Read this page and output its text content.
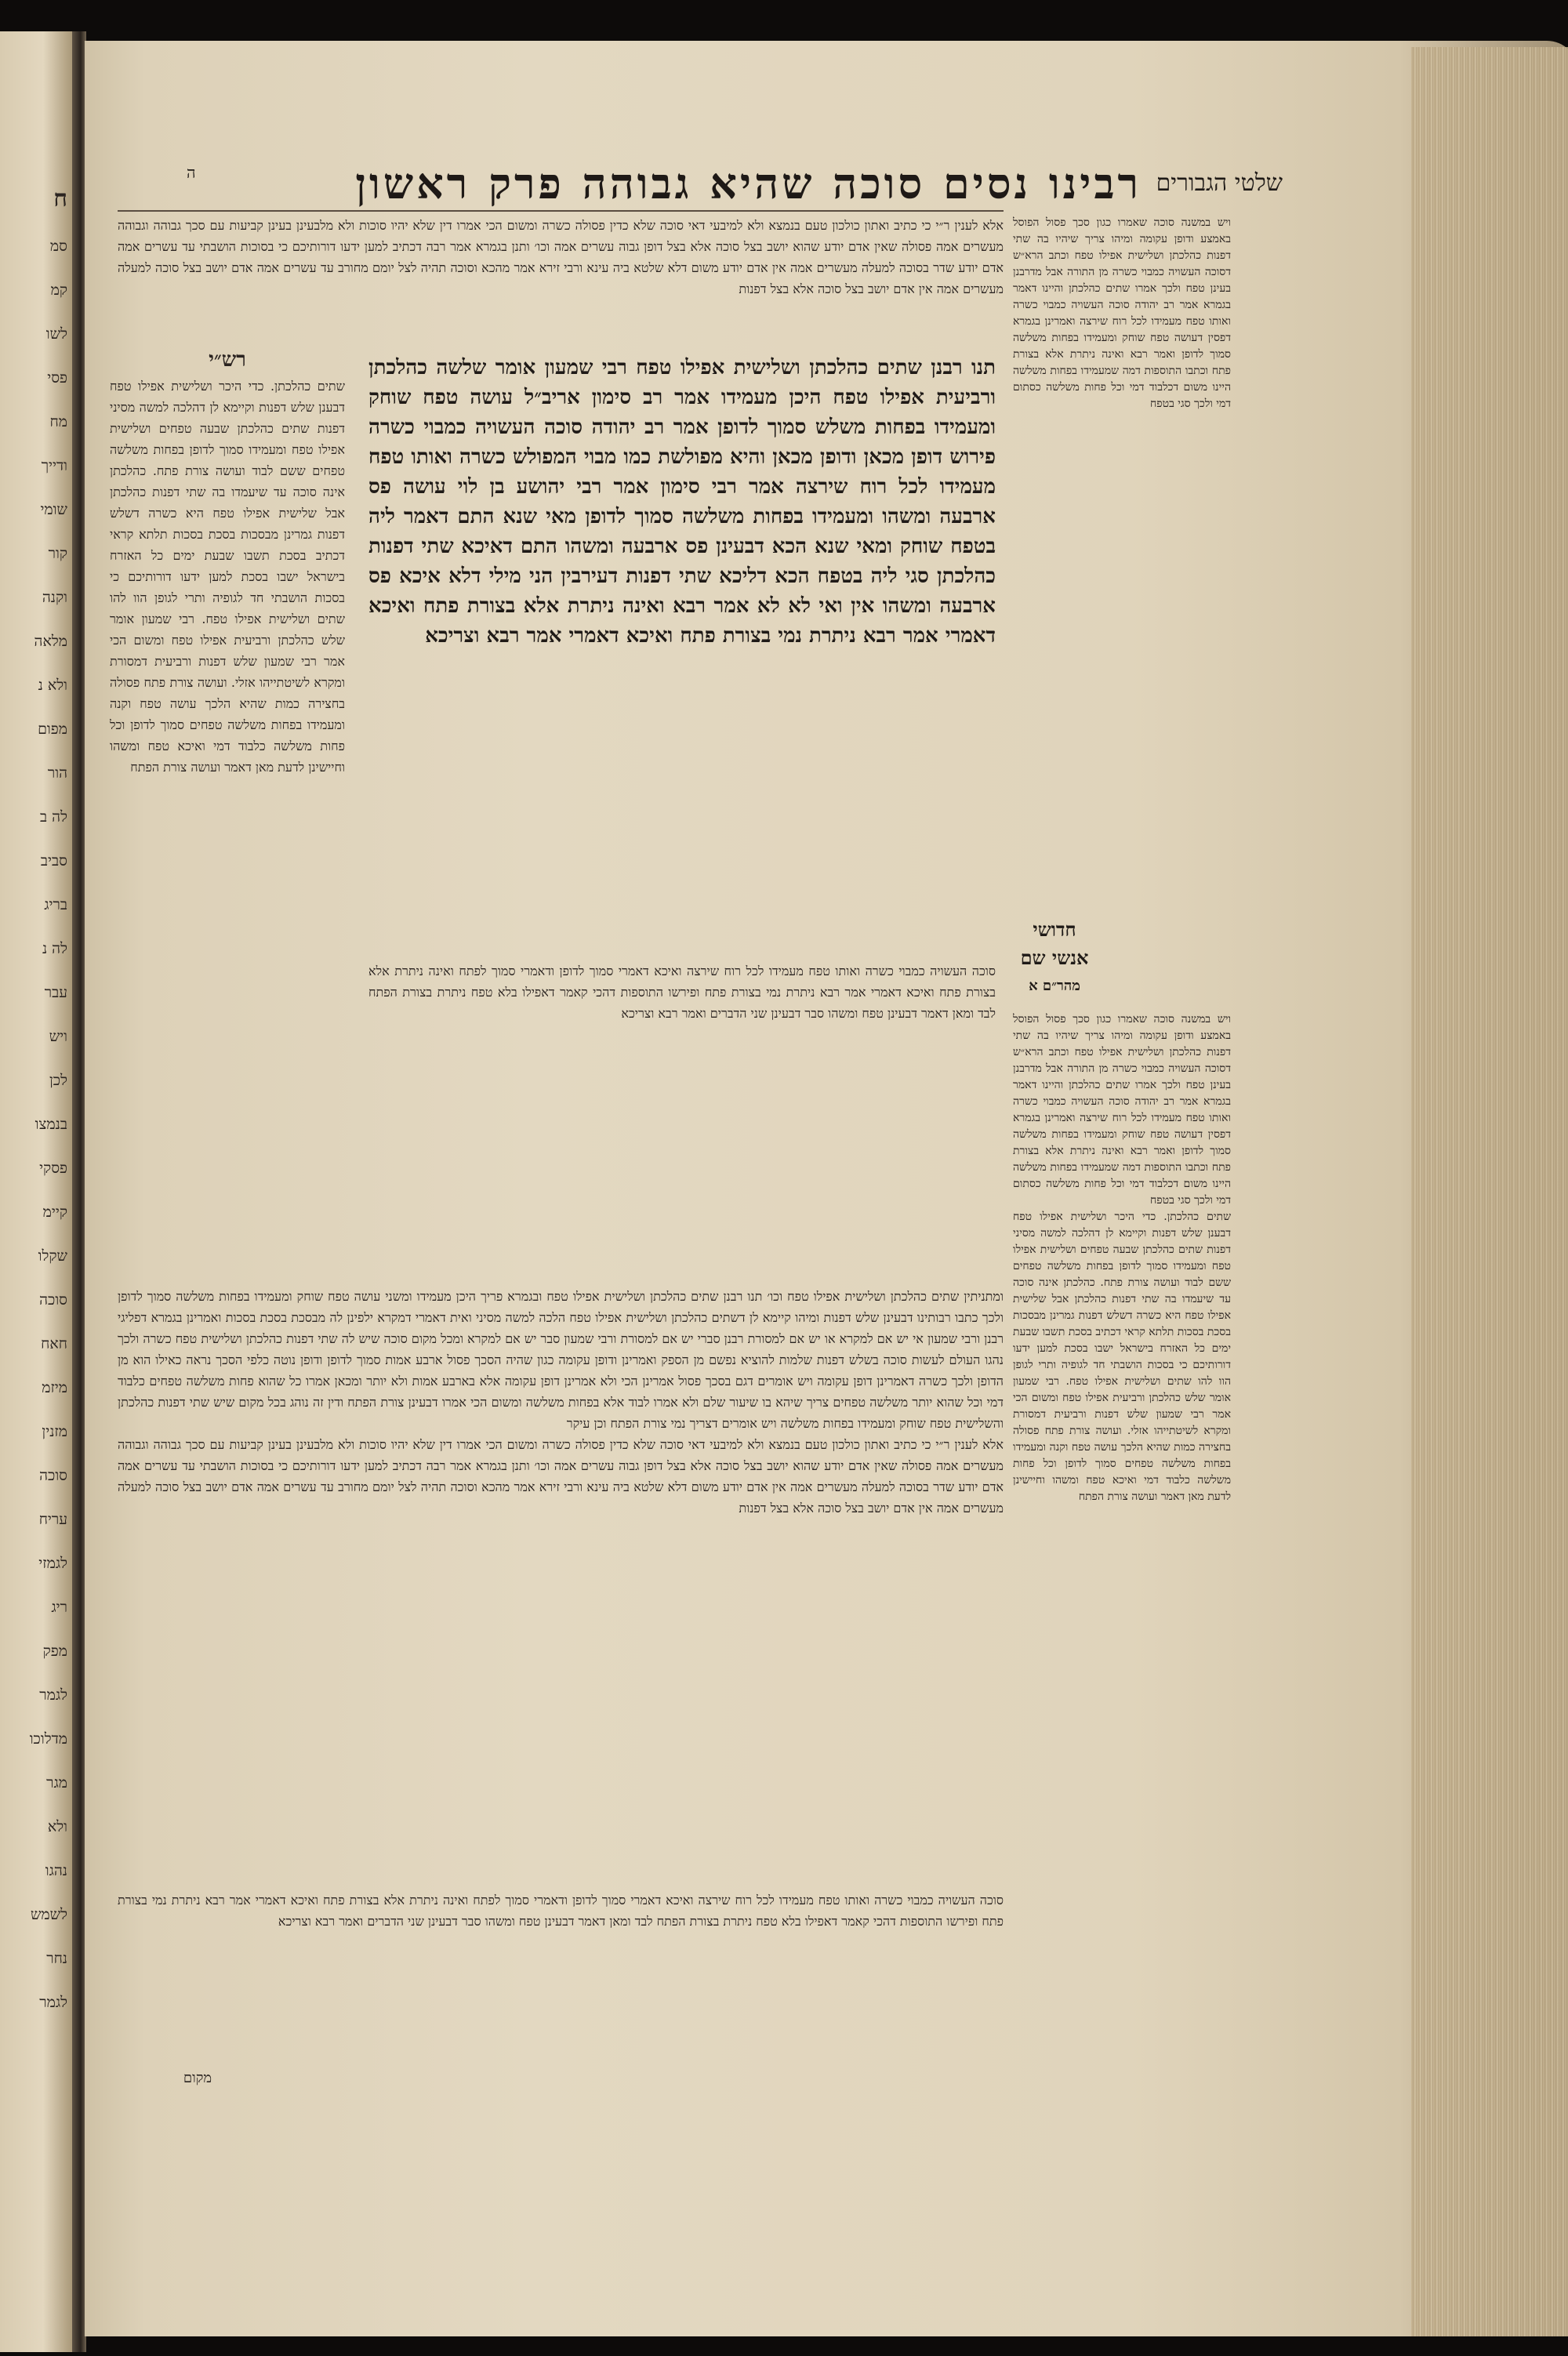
ח
סמ
קמ
לשו
פסי
מח
ודייך
שומי
קור
וקנה
מלאה
ולא נ
מפום
הור
לה ב
סביב
בריג
לה נ
עבר
ויש
לכן
בנמצו
פסקי
קיימ
שקלו
סוכה
חאח
מיזמ
מזנין
סוכה
עריח
לגמזי
ריג
מפק
לגמר
מדלוכו
מגר
ולא
נהגו
לשמש
נחר
לגמר
שלטי הגבורים
רבינו נסים סוכה שהיא גבוהה פרק ראשון
ה

אלא לענין ר״י כי כתיב ואתון כולכון טעם בנמצא ולא למיבעי דאי סוכה שלא כדין פסולה כשרה ומשום הכי אמרו דין שלא יהיו סוכות ולא מלבעינן בעינן קביעות עם סכך גבוהה וגבוהה מעשרים אמה פסולה שאין אדם יודע שהוא יושב בצל סוכה אלא בצל דופן גבוה עשרים אמה וכו׳ ותנן בגמרא אמר רבה דכתיב למען ידעו דורותיכם כי בסוכות הושבתי עד עשרים אמה אדם יודע שדר בסוכה למעלה מעשרים אמה אין אדם יודע משום דלא שלטא ביה עינא ורבי זירא אמר מהכא וסוכה תהיה לצל יומם מחורב עד עשרים אמה אדם יושב בצל סוכה למעלה מעשרים אמה אין אדם יושב בצל סוכה אלא בצל דפנות

ויש במשנה סוכה שאמרו כגון סכך פסול הפוסל באמצע ודופן עקומה ומיהו צריך שיהיו בה שתי דפנות כהלכתן ושלישית אפילו טפח וכתב הרא״ש דסוכה העשויה כמבוי כשרה מן התורה אבל מדרבנן בעינן טפח ולכך אמרו שתים כהלכתן והיינו דאמר בגמרא אמר רב יהודה סוכה העשויה כמבוי כשרה ואותו טפח מעמידו לכל רוח שירצה ואמרינן בגמרא דפסין דעושה טפח שוחק ומעמידו בפחות משלשה סמוך לדופן ואמר רבא ואינה ניתרת אלא בצורת פתח וכתבו התוספות דמה שמעמידו בפחות משלשה היינו משום דכלבוד דמי וכל פחות משלשה כסתום דמי ולכך סגי בטפח

רש״י

שתים כהלכתן. כדי היכר ושלישית אפילו טפח דבענן שלש דפנות וקיימא לן דהלכה למשה מסיני דפנות שתים כהלכתן שבעה טפחים ושלישית אפילו טפח ומעמידו סמוך לדופן בפחות משלשה טפחים ששם לבוד ועושה צורת פתח. כהלכתן אינה סוכה עד שיעמדו בה שתי דפנות כהלכתן אבל שלישית אפילו טפח היא כשרה דשלש דפנות גמרינן מבסכות בסכת בסכות תלתא קראי דכתיב בסכת תשבו שבעת ימים כל האזרח בישראל ישבו בסכת למען ידעו דורותיכם כי בסכות הושבתי חד לגופיה ותרי לגופן הוו להו שתים ושלישית אפילו טפח. רבי שמעון אומר שלש כהלכתן ורביעית אפילו טפח ומשום הכי אמר רבי שמעון שלש דפנות ורביעית דמסורת ומקרא לשיטתייהו אזלי. ועושה צורת פתח פסולה בחצירה כמות שהיא הלכך עושה טפח וקנה ומעמידו בפחות משלשה טפחים סמוך לדופן וכל פחות משלשה כלבוד דמי ואיכא טפח ומשהו וחיישינן לדעת מאן דאמר ועושה צורת הפתח

תנו רבנן שתים כהלכתן ושלישית אפילו טפח רבי שמעון אומר שלשה כהלכתן ורביעית אפילו טפח היכן מעמידו אמר רב סימון אריב״ל עושה טפח שוחק ומעמידו בפחות משלש סמוך לדופן אמר רב יהודה סוכה העשויה כמבוי כשרה פירוש דופן מכאן ודופן מכאן והיא מפולשת כמו מבוי המפולש כשרה ואותו טפח מעמידו לכל רוח שירצה אמר רבי סימון אמר רבי יהושע בן לוי עושה פס ארבעה ומשהו ומעמידו בפחות משלשה סמוך לדופן מאי שנא התם דאמר ליה בטפח שוחק ומאי שנא הכא דבעינן פס ארבעה ומשהו התם דאיכא שתי דפנות כהלכתן סגי ליה בטפח הכא דליכא שתי דפנות דעירבין הני מילי דלא איכא פס ארבעה ומשהו אין ואי לא לא אמר רבא ואינה ניתרת אלא בצורת פתח ואיכא דאמרי אמר רבא ניתרת נמי בצורת פתח ואיכא דאמרי אמר רבא וצריכא

סוכה העשויה כמבוי כשרה ואותו טפח מעמידו לכל רוח שירצה ואיכא דאמרי סמוך לדופן ודאמרי סמוך לפתח ואינה ניתרת אלא בצורת פתח ואיכא דאמרי אמר רבא ניתרת נמי בצורת פתח ופירשו התוספות דהכי קאמר דאפילו בלא טפח ניתרת בצורת הפתח לבד ומאן דאמר דבעינן טפח ומשהו סבר דבעינן שני הדברים ואמר רבא וצריכא

חדושי
אנשי שם
מהר״ם א

ויש במשנה סוכה שאמרו כגון סכך פסול הפוסל באמצע ודופן עקומה ומיהו צריך שיהיו בה שתי דפנות כהלכתן ושלישית אפילו טפח וכתב הרא״ש דסוכה העשויה כמבוי כשרה מן התורה אבל מדרבנן בעינן טפח ולכך אמרו שתים כהלכתן והיינו דאמר בגמרא אמר רב יהודה סוכה העשויה כמבוי כשרה ואותו טפח מעמידו לכל רוח שירצה ואמרינן בגמרא דפסין דעושה טפח שוחק ומעמידו בפחות משלשה סמוך לדופן ואמר רבא ואינה ניתרת אלא בצורת פתח וכתבו התוספות דמה שמעמידו בפחות משלשה היינו משום דכלבוד דמי וכל פחות משלשה כסתום דמי ולכך סגי בטפח

שתים כהלכתן. כדי היכר ושלישית אפילו טפח דבענן שלש דפנות וקיימא לן דהלכה למשה מסיני דפנות שתים כהלכתן שבעה טפחים ושלישית אפילו טפח ומעמידו סמוך לדופן בפחות משלשה טפחים ששם לבוד ועושה צורת פתח. כהלכתן אינה סוכה עד שיעמדו בה שתי דפנות כהלכתן אבל שלישית אפילו טפח היא כשרה דשלש דפנות גמרינן מבסכות בסכת בסכות תלתא קראי דכתיב בסכת תשבו שבעת ימים כל האזרח בישראל ישבו בסכת למען ידעו דורותיכם כי בסכות הושבתי חד לגופיה ותרי לגופן הוו להו שתים ושלישית אפילו טפח. רבי שמעון אומר שלש כהלכתן ורביעית אפילו טפח ומשום הכי אמר רבי שמעון שלש דפנות ורביעית דמסורת ומקרא לשיטתייהו אזלי. ועושה צורת פתח פסולה בחצירה כמות שהיא הלכך עושה טפח וקנה ומעמידו בפחות משלשה טפחים סמוך לדופן וכל פחות משלשה כלבוד דמי ואיכא טפח ומשהו וחיישינן לדעת מאן דאמר ועושה צורת הפתח

ומתניתין שתים כהלכתן ושלישית אפילו טפח וכו׳ תנו רבנן שתים כהלכתן ושלישית אפילו טפח ובגמרא פריך היכן מעמידו ומשני עושה טפח שוחק ומעמידו בפחות משלשה סמוך לדופן ולכך כתבו רבותינו דבעינן שלש דפנות ומיהו קיימא לן דשתים כהלכתן ושלישית אפילו טפח הלכה למשה מסיני ואית דאמרי דמקרא ילפינן לה מבסכת בסכת בסכות ואמרינן בגמרא דפליגי רבנן ורבי שמעון אי יש אם למקרא או יש אם למסורת רבנן סברי יש אם למסורת ורבי שמעון סבר יש אם למקרא ומכל מקום סוכה שיש לה שתי דפנות כהלכתן ושלישית טפח כשרה ולכך נהגו העולם לעשות סוכה בשלש דפנות שלמות להוציא נפשם מן הספק ואמרינן ודופן עקומה כגון שהיה הסכך פסול ארבע אמות סמוך לדופן ודופן נוטה כלפי הסכך נראה כאילו הוא מן הדופן ולכך כשרה דאמרינן דופן עקומה ויש אומרים דגם בסכך פסול אמרינן הכי ולא אמרינן דופן עקומה אלא בארבע אמות ולא יותר ומכאן אמרו כל שהוא פחות משלשה טפחים כלבוד דמי וכל שהוא יותר משלשה טפחים צריך שיהא בו שיעור שלם ולא אמרו לבוד אלא בפחות משלשה ומשום הכי אמרו דבעינן צורת הפתח ודין זה נוהג בכל מקום שיש שתי דפנות כהלכתן והשלישית טפח שוחק ומעמידו בפחות משלשה ויש אומרים דצריך נמי צורת הפתח וכן עיקר

אלא לענין ר״י כי כתיב ואתון כולכון טעם בנמצא ולא למיבעי דאי סוכה שלא כדין פסולה כשרה ומשום הכי אמרו דין שלא יהיו סוכות ולא מלבעינן בעינן קביעות עם סכך גבוהה וגבוהה מעשרים אמה פסולה שאין אדם יודע שהוא יושב בצל סוכה אלא בצל דופן גבוה עשרים אמה וכו׳ ותנן בגמרא אמר רבה דכתיב למען ידעו דורותיכם כי בסוכות הושבתי עד עשרים אמה אדם יודע שדר בסוכה למעלה מעשרים אמה אין אדם יודע משום דלא שלטא ביה עינא ורבי זירא אמר מהכא וסוכה תהיה לצל יומם מחורב עד עשרים אמה אדם יושב בצל סוכה למעלה מעשרים אמה אין אדם יושב בצל סוכה אלא בצל דפנות

סוכה העשויה כמבוי כשרה ואותו טפח מעמידו לכל רוח שירצה ואיכא דאמרי סמוך לדופן ודאמרי סמוך לפתח ואינה ניתרת אלא בצורת פתח ואיכא דאמרי אמר רבא ניתרת נמי בצורת פתח ופירשו התוספות דהכי קאמר דאפילו בלא טפח ניתרת בצורת הפתח לבד ומאן דאמר דבעינן טפח ומשהו סבר דבעינן שני הדברים ואמר רבא וצריכא

מקום
